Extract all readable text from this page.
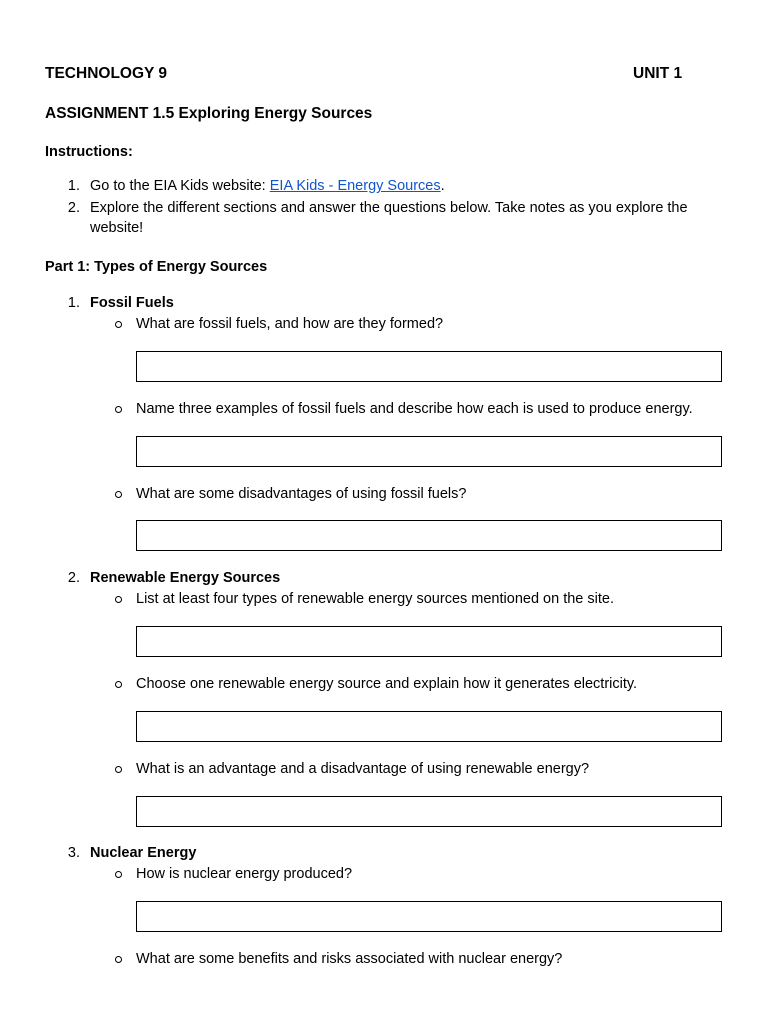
TECHNOLOGY 9	UNIT 1
ASSIGNMENT 1.5 Exploring Energy Sources
Instructions:
1. Go to the EIA Kids website: EIA Kids - Energy Sources.
2. Explore the different sections and answer the questions below. Take notes as you explore the
website!
Part 1: Types of Energy Sources
1. Fossil Fuels
What are fossil fuels, and how are they formed?
Name three examples of fossil fuels and describe how each is used to produce energy.
What are some disadvantages of using fossil fuels?
2. Renewable Energy Sources
List at least four types of renewable energy sources mentioned on the site.
Choose one renewable energy source and explain how it generates electricity.
What is an advantage and a disadvantage of using renewable energy?
3. Nuclear Energy
How is nuclear energy produced?
What are some benefits and risks associated with nuclear energy?
